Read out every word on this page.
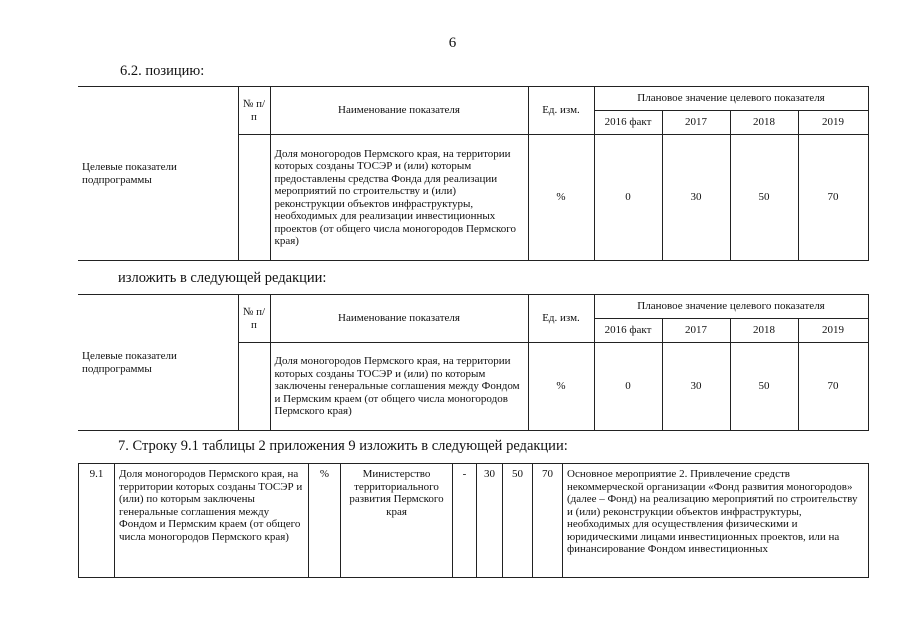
6
6.2. позицию:
Целевые показатели подпрограммы	№ п/п	Наименование показателя	Ед. изм.	Плановое значение целевого показателя			
				2016 факт	2017	2018	2019
		Доля моногородов Пермского края, на территории которых созданы ТОСЭР и (или) которым предоставлены средства Фонда для реализации мероприятий по строительству и (или) реконструкции объектов инфраструктуры, необходимых для реализации инвестиционных проектов (от общего числа моногородов Пермского края)	%	0	30	50	70
изложить в следующей редакции:
Целевые показатели подпрограммы	№ п/п	Наименование показателя	Ед. изм.	Плановое значение целевого показателя			
				2016 факт	2017	2018	2019
		Доля моногородов Пермского края, на территории которых созданы ТОСЭР и (или) по которым заключены генеральные соглашения между Фондом и Пермским краем (от общего числа моногородов Пермского края)	%	0	30	50	70
7. Строку 9.1 таблицы 2 приложения 9 изложить в следующей редакции:
9.1	Доля моногородов Пермского края, на территории которых созданы ТОСЭР и (или) по которым заключены генеральные соглашения между Фондом и Пермским краем (от общего числа моногородов Пермского края)	%	Министерство территориального развития Пермского края	-	30	50	70	Основное мероприятие 2. Привлечение средств некоммерческой организации «Фонд развития моногородов» (далее – Фонд) на реализацию мероприятий по строительству и (или) реконструкции объектов инфраструктуры, необходимых для осуществления физическими и юридическими лицами инвестиционных проектов, или на финансирование Фондом инвестиционных
